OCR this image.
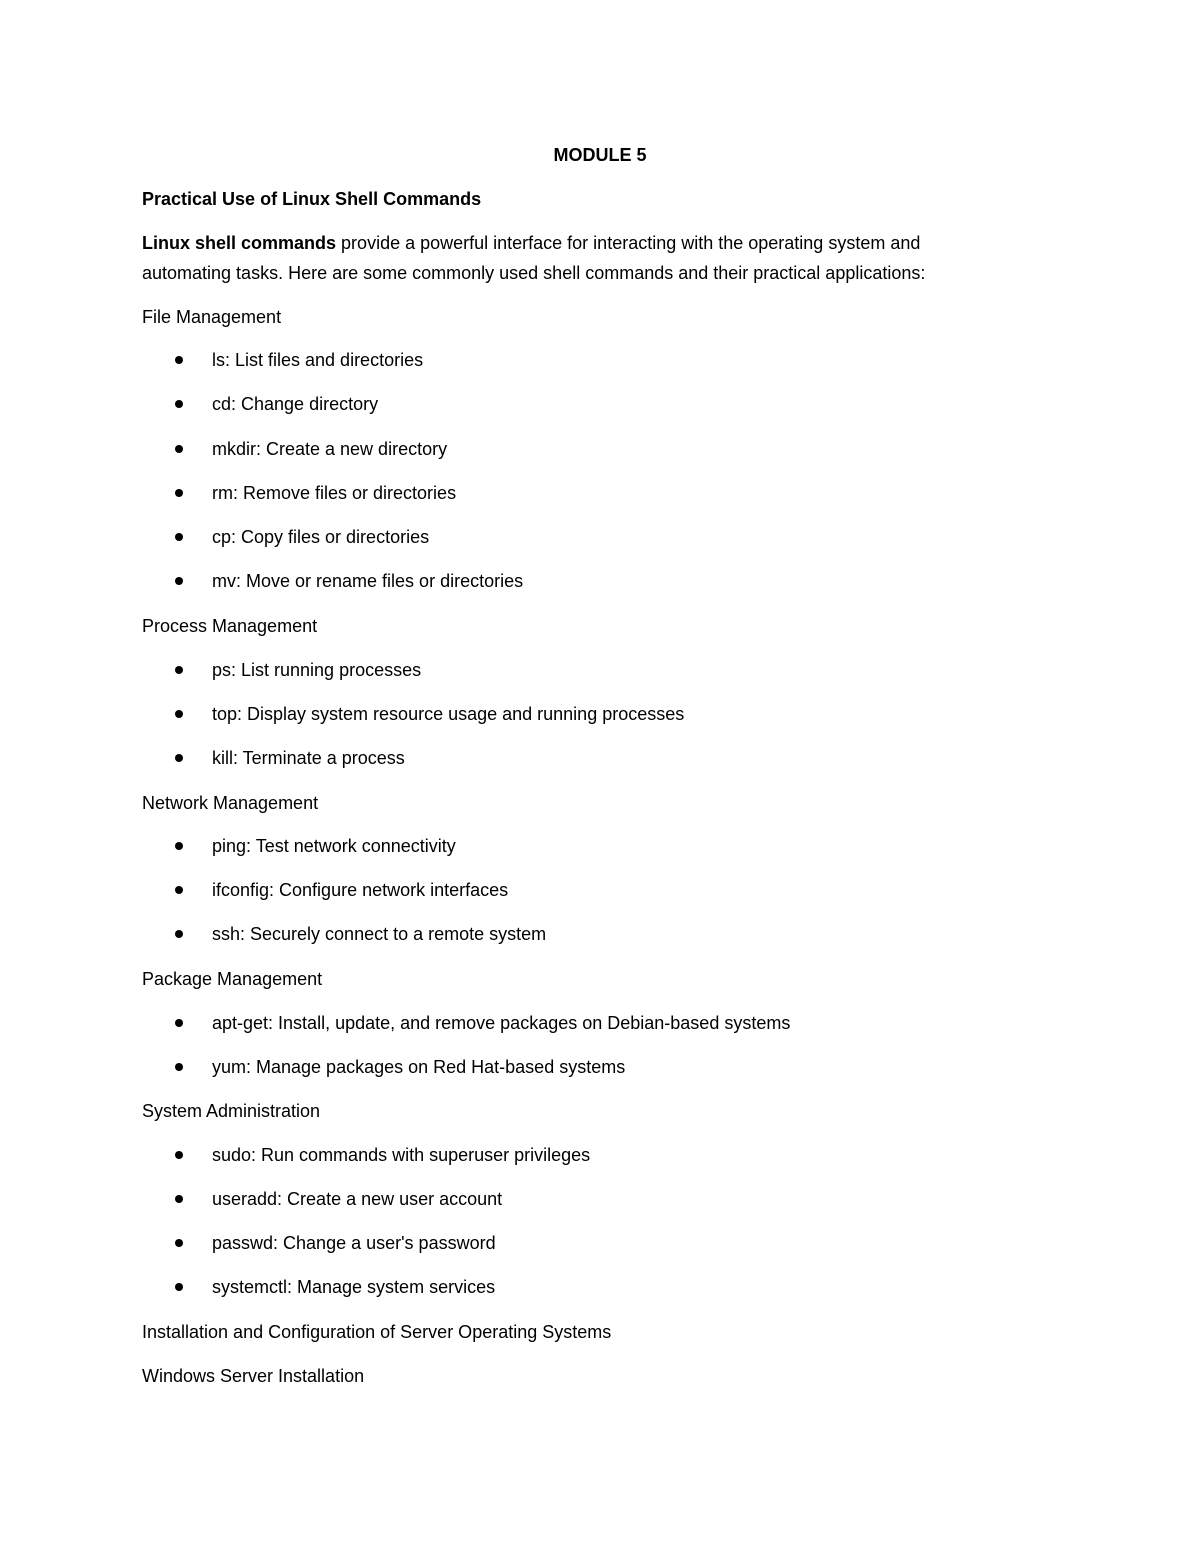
MODULE 5
Practical Use of Linux Shell Commands
Linux shell commands provide a powerful interface for interacting with the operating system and
automating tasks. Here are some commonly used shell commands and their practical applications:
File Management
ls: List files and directories
cd: Change directory
mkdir: Create a new directory
rm: Remove files or directories
cp: Copy files or directories
mv: Move or rename files or directories
Process Management
ps: List running processes
top: Display system resource usage and running processes
kill: Terminate a process
Network Management
ping: Test network connectivity
ifconfig: Configure network interfaces
ssh: Securely connect to a remote system
Package Management
apt-get: Install, update, and remove packages on Debian-based systems
yum: Manage packages on Red Hat-based systems
System Administration
sudo: Run commands with superuser privileges
useradd: Create a new user account
passwd: Change a user's password
systemctl: Manage system services
Installation and Configuration of Server Operating Systems
Windows Server Installation
